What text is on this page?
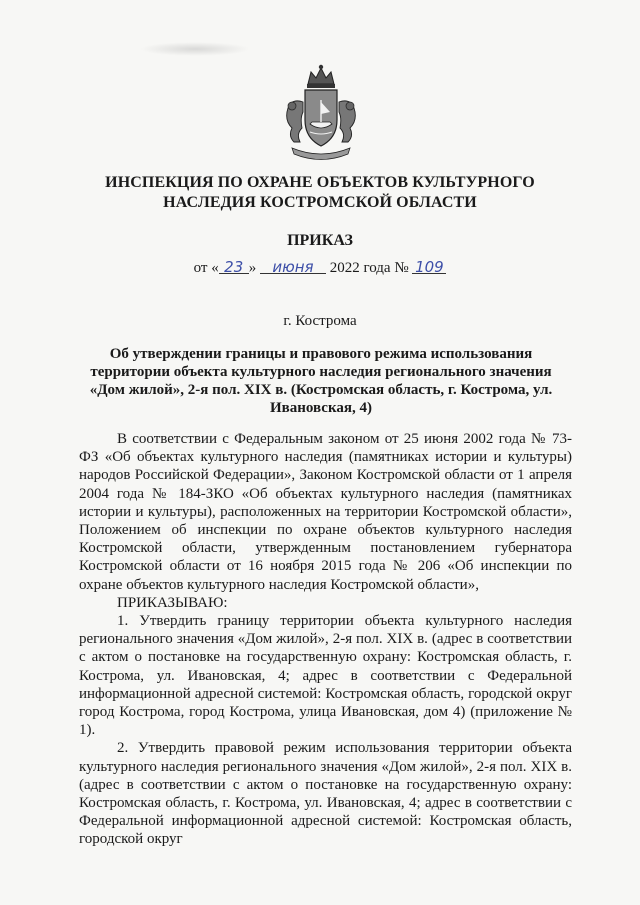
ИНСПЕКЦИЯ ПО ОХРАНЕ ОБЪЕКТОВ КУЛЬТУРНОГО НАСЛЕДИЯ КОСТРОМСКОЙ ОБЛАСТИ
ПРИКАЗ
от « 23 » июня 2022 года № 109
г. Кострома
Об утверждении границы и правового режима использования территории объекта культурного наследия регионального значения «Дом жилой», 2-я пол. XIX в. (Костромская область, г. Кострома, ул. Ивановская, 4)

В соответствии с Федеральным законом от 25 июня 2002 года № 73-ФЗ «Об объектах культурного наследия (памятниках истории и культуры) народов Российской Федерации», Законом Костромской области от 1 апреля 2004 года № 184-ЗКО «Об объектах культурного наследия (памятниках истории и культуры), расположенных на территории Костромской области», Положением об инспекции по охране объектов культурного наследия Костромской области, утвержденным постановлением губернатора Костромской области от 16 ноября 2015 года № 206 «Об инспекции по охране объектов культурного наследия Костромской области»,

ПРИКАЗЫВАЮ:

1. Утвердить границу территории объекта культурного наследия регионального значения «Дом жилой», 2-я пол. XIX в. (адрес в соответствии с актом о постановке на государственную охрану: Костромская область, г. Кострома, ул. Ивановская, 4; адрес в соответствии с Федеральной информационной адресной системой: Костромская область, городской округ город Кострома, город Кострома, улица Ивановская, дом 4) (приложение № 1).

2. Утвердить правовой режим использования территории объекта культурного наследия регионального значения «Дом жилой», 2-я пол. XIX в. (адрес в соответствии с актом о постановке на государственную охрану: Костромская область, г. Кострома, ул. Ивановская, 4; адрес в соответствии с Федеральной информационной адресной системой: Костромская область, городской округ
